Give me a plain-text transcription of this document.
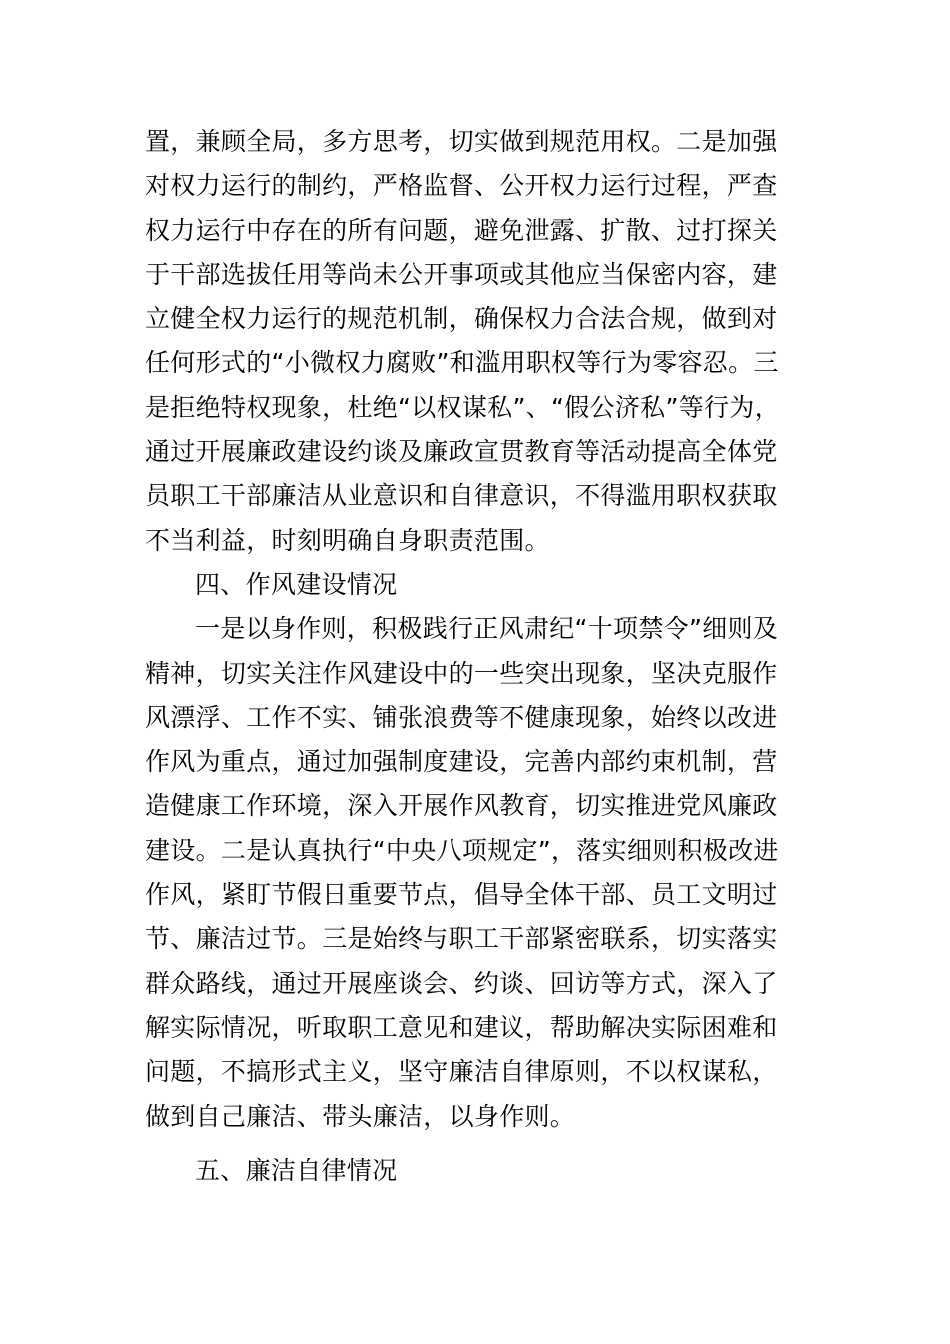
置，兼顾全局，多方思考，切实做到规范用权。二是加强
对权力运行的制约，严格监督、公开权力运行过程，严查
权力运行中存在的所有问题，避免泄露、扩散、过打探关
于干部选拔任用等尚未公开事项或其他应当保密内容，建
立健全权力运行的规范机制，确保权力合法合规，做到对
任何形式的“小微权力腐败”和滥用职权等行为零容忍。三
是拒绝特权现象，杜绝“以权谋私”、“假公济私”等行为，
通过开展廉政建设约谈及廉政宣贯教育等活动提高全体党
员职工干部廉洁从业意识和自律意识，不得滥用职权获取
不当利益，时刻明确自身职责范围。
四、作风建设情况
一是以身作则，积极践行正风肃纪“十项禁令”细则及
精神，切实关注作风建设中的一些突出现象，坚决克服作
风漂浮、工作不实、铺张浪费等不健康现象，始终以改进
作风为重点，通过加强制度建设，完善内部约束机制，营
造健康工作环境，深入开展作风教育，切实推进党风廉政
建设。二是认真执行“中央八项规定”，落实细则积极改进
作风，紧盯节假日重要节点，倡导全体干部、员工文明过
节、廉洁过节。三是始终与职工干部紧密联系，切实落实
群众路线，通过开展座谈会、约谈、回访等方式，深入了
解实际情况，听取职工意见和建议，帮助解决实际困难和
问题，不搞形式主义，坚守廉洁自律原则，不以权谋私，
做到自己廉洁、带头廉洁，以身作则。
五、廉洁自律情况
